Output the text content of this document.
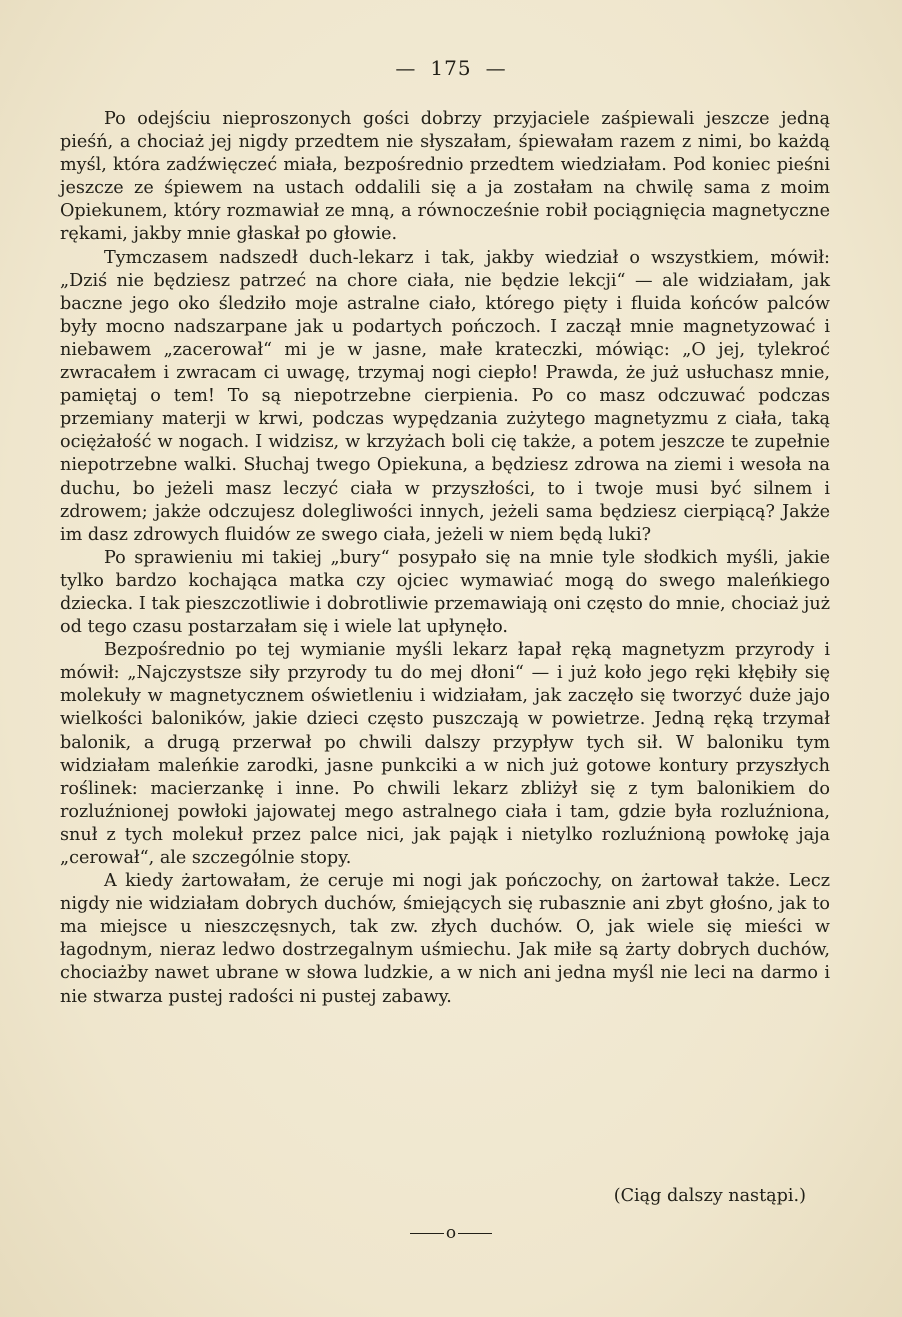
— 175 —

Po odejściu nieproszonych gości dobrzy przyjaciele zaśpiewali jeszcze jedną pieśń, a chociaż jej nigdy przedtem nie słyszałam, śpiewałam razem z nimi, bo każdą myśl, która zadźwięczeć miała, bezpośrednio przedtem wiedziałam. Pod koniec pieśni jeszcze ze śpiewem na ustach oddalili się a ja zostałam na chwilę sama z moim Opiekunem, który rozmawiał ze mną, a równocześnie robił pociągnięcia magnetyczne rękami, jakby mnie głaskał po głowie.

Tymczasem nadszedł duch-lekarz i tak, jakby wiedział o wszystkiem, mówił: „Dziś nie będziesz patrzeć na chore ciała, nie będzie lekcji“ — ale widziałam, jak baczne jego oko śledziło moje astralne ciało, którego pięty i fluida końców palców były mocno nadszarpane jak u podartych pończoch. I zaczął mnie magnetyzować i niebawem „zacerował“ mi je w jasne, małe krateczki, mówiąc: „O jej, tylekroć zwracałem i zwracam ci uwagę, trzymaj nogi ciepło! Prawda, że już usłuchasz mnie, pamiętaj o tem! To są niepotrzebne cierpienia. Po co masz odczuwać podczas przemiany materji w krwi, podczas wypędzania zużytego magnetyzmu z ciała, taką ociężałość w nogach. I widzisz, w krzyżach boli cię także, a potem jeszcze te zupełnie niepotrzebne walki. Słuchaj twego Opiekuna, a będziesz zdrowa na ziemi i wesoła na duchu, bo jeżeli masz leczyć ciała w przyszłości, to i twoje musi być silnem i zdrowem; jakże odczujesz dolegliwości innych, jeżeli sama będziesz cierpiącą? Jakże im dasz zdrowych fluidów ze swego ciała, jeżeli w niem będą luki?

Po sprawieniu mi takiej „bury“ posypało się na mnie tyle słodkich myśli, jakie tylko bardzo kochająca matka czy ojciec wymawiać mogą do swego maleńkiego dziecka. I tak pieszczotliwie i dobrotliwie przemawiają oni często do mnie, chociaż już od tego czasu postarzałam się i wiele lat upłynęło.

Bezpośrednio po tej wymianie myśli lekarz łapał ręką magnetyzm przyrody i mówił: „Najczystsze siły przyrody tu do mej dłoni“ — i już koło jego ręki kłębiły się molekuły w magnetycznem oświetleniu i widziałam, jak zaczęło się tworzyć duże jajo wielkości baloników, jakie dzieci często puszczają w powietrze. Jedną ręką trzymał balonik, a drugą przerwał po chwili dalszy przypływ tych sił. W baloniku tym widziałam maleńkie zarodki, jasne punkciki a w nich już gotowe kontury przyszłych roślinek: macierzankę i inne. Po chwili lekarz zbliżył się z tym balonikiem do rozluźnionej powłoki jajowatej mego astralnego ciała i tam, gdzie była rozluźniona, snuł z tych molekuł przez palce nici, jak pająk i nietylko rozluźnioną powłokę jaja „cerował“, ale szczególnie stopy.

A kiedy żartowałam, że ceruje mi nogi jak pończochy, on żartował także. Lecz nigdy nie widziałam dobrych duchów, śmiejących się rubasznie ani zbyt głośno, jak to ma miejsce u nieszczęsnych, tak zw. złych duchów. O, jak wiele się mieści w łagodnym, nieraz ledwo dostrzegalnym uśmiechu. Jak miłe są żarty dobrych duchów, chociażby nawet ubrane w słowa ludzkie, a w nich ani jedna myśl nie leci na darmo i nie stwarza pustej radości ni pustej zabawy.

(Ciąg dalszy nastąpi.)
o
